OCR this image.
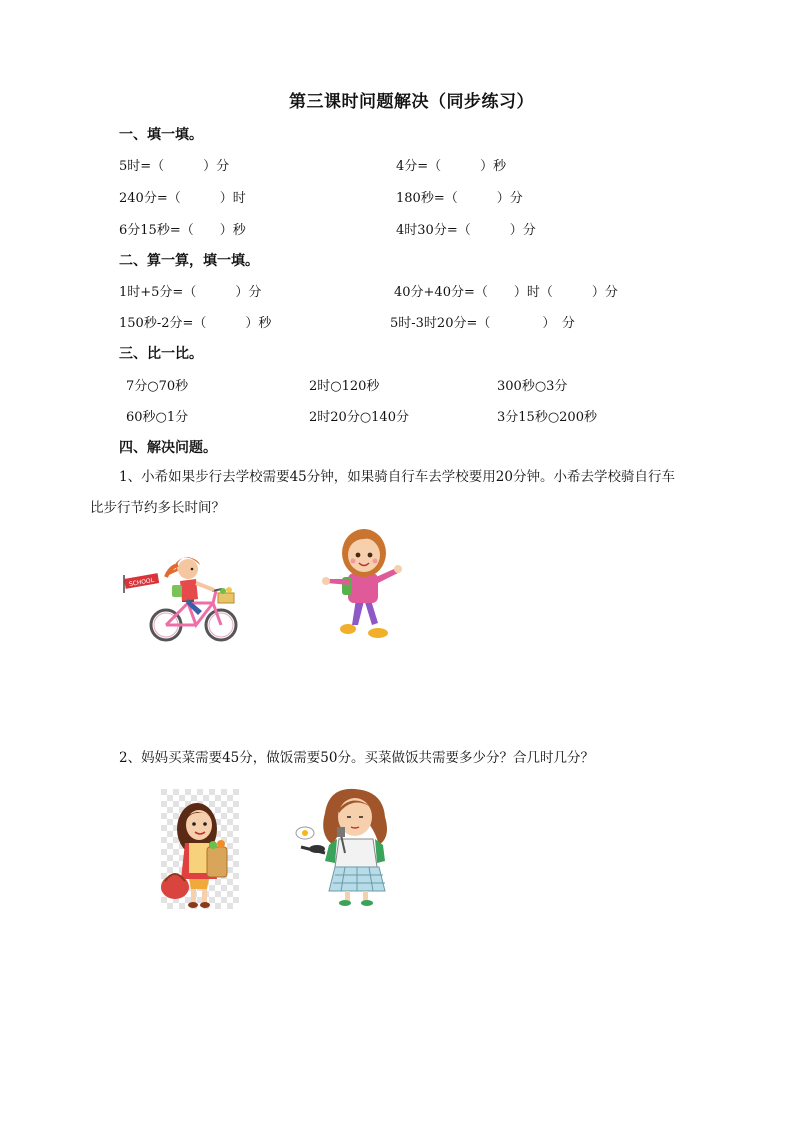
第三课时问题解决（同步练习）
一、填一填。
5时=（　　　）分	4分=（　　　）秒
240分=（　　　）时	180秒=（　　　）分
6分15秒=（　　）秒	4时30分=（　　　）分
二、算一算，填一填。
1时+5分=（　　　）分	40分+40分=（　　）时（　　　）分
150秒-2分=（　　　）秒	5时-3时20分=（　　　　）　分
三、比一比。
7分○70秒	2时○120秒	300秒○3分
60秒○1分	2时20分○140分	3分15秒○200秒
四、解决问题。
1、小希如果步行去学校需要45分钟，如果骑自行车去学校要用20分钟。小希去学校骑自行车
比步行节约多长时间？
SCHOOL
2、妈妈买菜需要45分，做饭需要50分。买菜做饭共需要多少分？合几时几分？
